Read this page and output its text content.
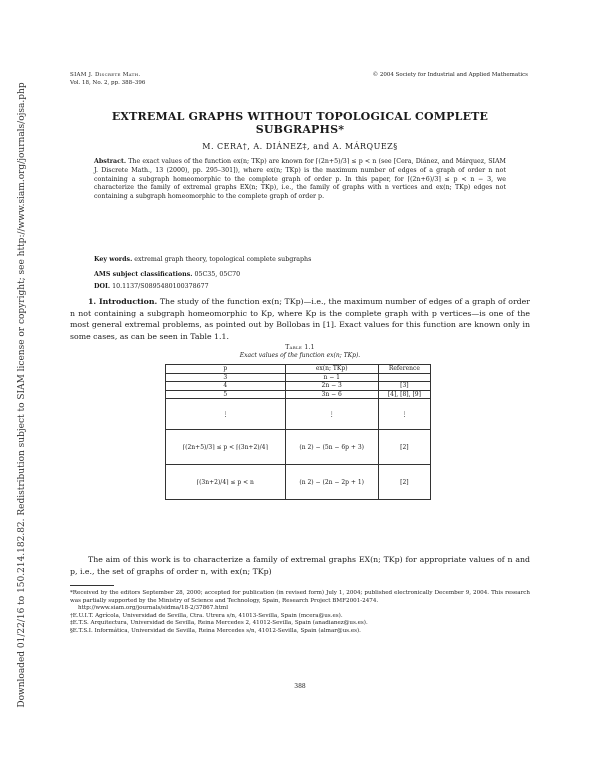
Downloaded 01/22/16 to 150.214.182.82. Redistribution subject to SIAM license or copyright; see http://www.siam.org/journals/ojsa.php
SIAM J. Discrete Math.
Vol. 18, No. 2, pp. 388–396
© 2004 Society for Industrial and Applied Mathematics
EXTREMAL GRAPHS WITHOUT TOPOLOGICAL COMPLETE SUBGRAPHS*
M. CERA†, A. DIÁNEZ‡, and A. MÁRQUEZ§
Abstract. The exact values of the function ex(n; TKp) are known for ⌈(2n+5)/3⌉ ≤ p < n (see [Cera, Diánez, and Márquez, SIAM J. Discrete Math., 13 (2000), pp. 295–301]), where ex(n; TKp) is the maximum number of edges of a graph of order n not containing a subgraph homeomorphic to the complete graph of order p. In this paper, for ⌈(2n+6)/3⌉ ≤ p < n − 3, we characterize the family of extremal graphs EX(n; TKp), i.e., the family of graphs with n vertices and ex(n; TKp) edges not containing a subgraph homeomorphic to the complete graph of order p.
Key words. extremal graph theory, topological complete subgraphs
AMS subject classifications. 05C35, 05C70
DOI. 10.1137/S0895480100378677
1. Introduction. The study of the function ex(n; TKp)—i.e., the maximum number of edges of a graph of order n not containing a subgraph homeomorphic to Kp, where Kp is the complete graph with p vertices—is one of the most general extremal problems, as pointed out by Bollobas in [1]. Exact values for this function are known only in some cases, as can be seen in Table 1.1.
Table 1.1
Exact values of the function ex(n; TKp).
p	ex(n; TKp)	Reference
3	n − 1	
4	2n − 3	[3]
5	3n − 6	[4], [8], [9]
⋮	⋮	⋮
⌈(2n+5)/3⌉ ≤ p < ⌈(3n+2)/4⌉	(n 2) − (5n − 6p + 3)	[2]
⌈(3n+2)/4⌉ ≤ p < n	(n 2) − (2n − 2p + 1)	[2]
The aim of this work is to characterize a family of extremal graphs EX(n; TKp) for appropriate values of n and p, i.e., the set of graphs of order n, with ex(n; TKp)
*Received by the editors September 28, 2000; accepted for publication (in revised form) July 1, 2004; published electronically December 9, 2004. This research was partially supported by the Ministry of Science and Technology, Spain, Research Project BMF2001-2474.
http://www.siam.org/journals/sidma/18-2/37867.html
†E.U.I.T. Agrícola, Universidad de Sevilla, Ctra. Utrera s/n, 41013-Sevilla, Spain (mcera@us.es).
‡E.T.S. Arquitectura, Universidad de Sevilla, Reina Mercedes 2, 41012-Sevilla, Spain (anadianez@us.es).
§E.T.S.I. Informática, Universidad de Sevilla, Reina Mercedes s/n, 41012-Sevilla, Spain (almar@us.es).
388
